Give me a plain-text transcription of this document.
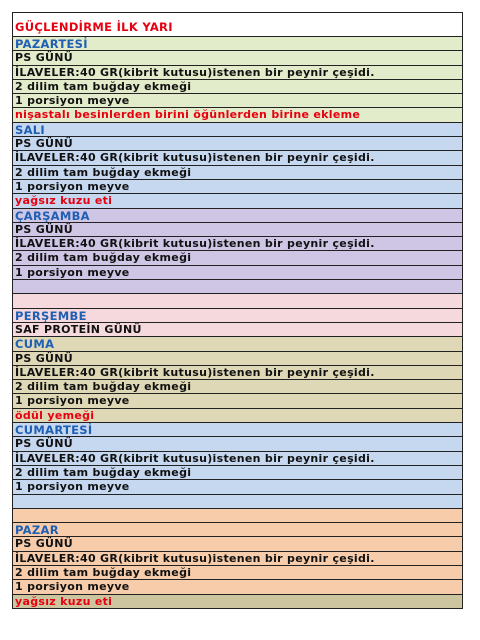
GÜÇLENDİRME İLK YARI
PAZARTESİ
PS GÜNÜ
İLAVELER:40 GR(kibrit kutusu)istenen bir peynir çeşidi.
2 dilim tam buğday ekmeği
1 porsiyon meyve
nişastalı besinlerden birini öğünlerden birine ekleme
SALI
PS GÜNÜ
İLAVELER:40 GR(kibrit kutusu)istenen bir peynir çeşidi.
2 dilim tam buğday ekmeği
1 porsiyon meyve
yağsız kuzu eti
ÇARŞAMBA
PS GÜNÜ
İLAVELER:40 GR(kibrit kutusu)istenen bir peynir çeşidi.
2 dilim tam buğday ekmeği
1 porsiyon meyve
PERŞEMBE
SAF PROTEİN GÜNÜ
CUMA
PS GÜNÜ
İLAVELER:40 GR(kibrit kutusu)istenen bir peynir çeşidi.
2 dilim tam buğday ekmeği
1 porsiyon meyve
ödül yemeği
CUMARTESİ
PS GÜNÜ
İLAVELER:40 GR(kibrit kutusu)istenen bir peynir çeşidi.
2 dilim tam buğday ekmeği
1 porsiyon meyve
PAZAR
PS GÜNÜ
İLAVELER:40 GR(kibrit kutusu)istenen bir peynir çeşidi.
2 dilim tam buğday ekmeği
1 porsiyon meyve
yağsız kuzu eti
